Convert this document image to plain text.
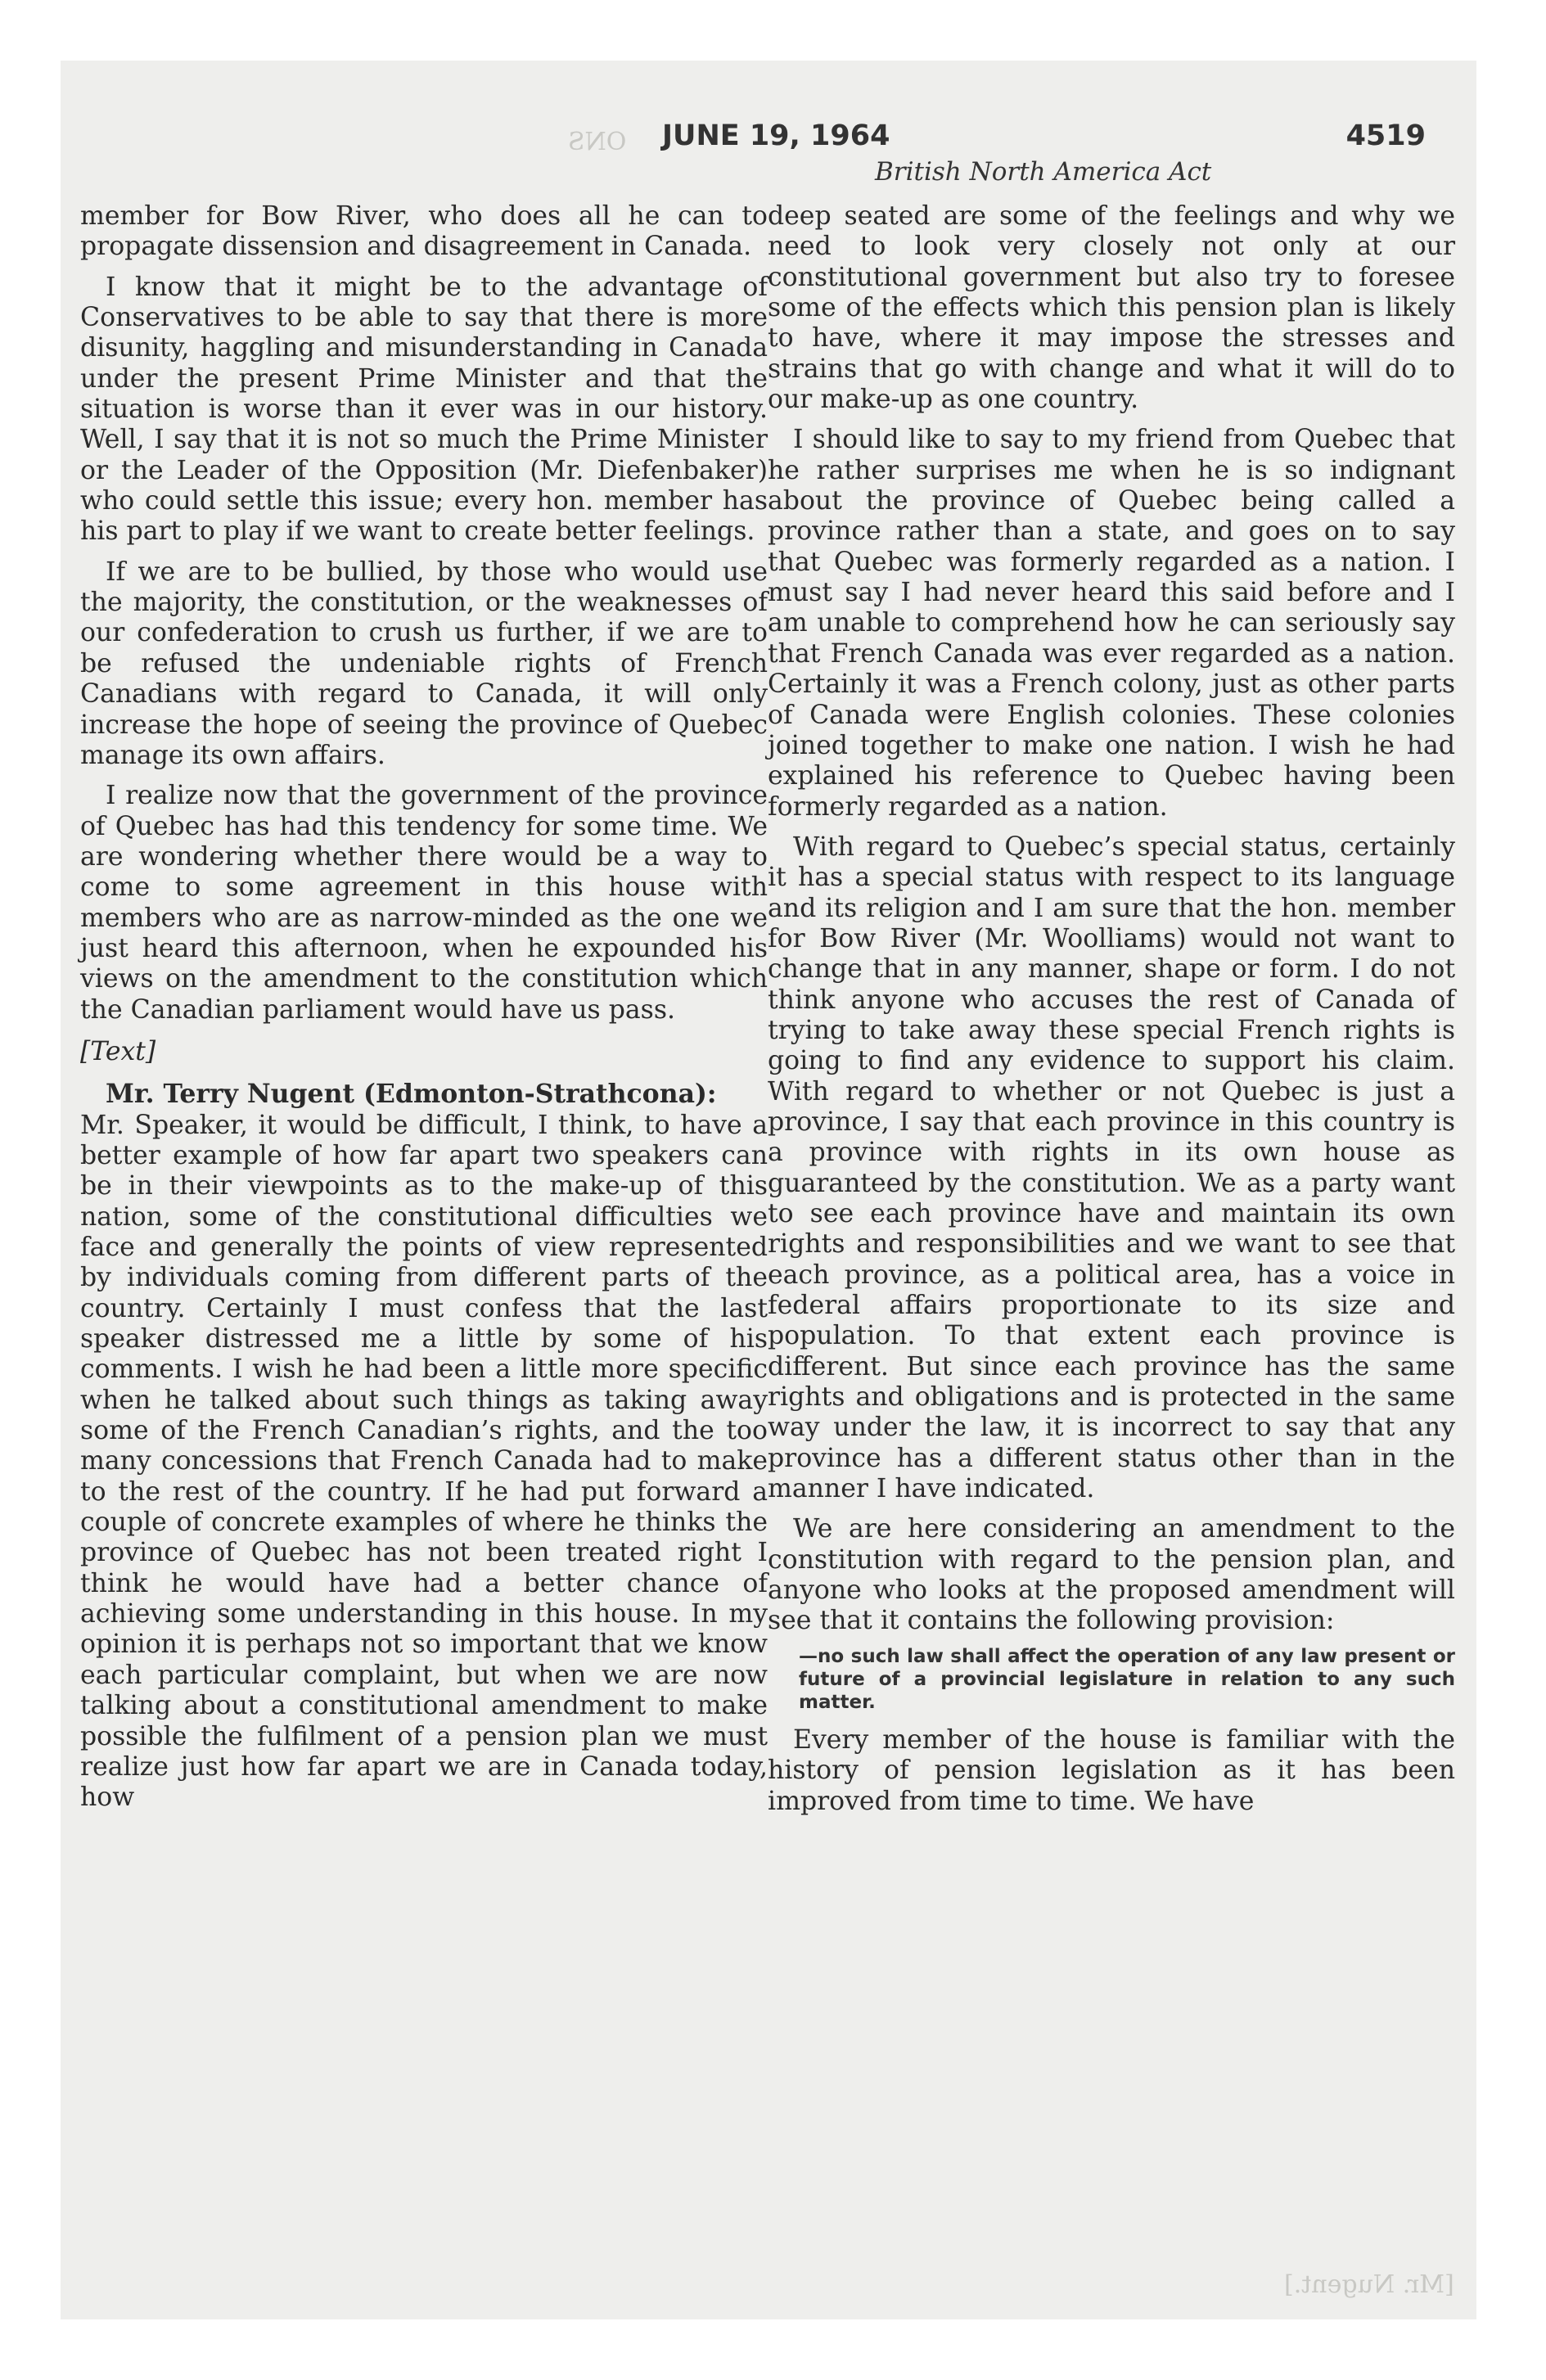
ONS
[Mr. Nugent.]
JUNE 19, 1964	4519
British North America Act

member for Bow River, who does all he can to propagate dissension and disagreement in Canada.

I know that it might be to the advantage of Conservatives to be able to say that there is more disunity, haggling and misunderstanding in Canada under the present Prime Minister and that the situation is worse than it ever was in our history. Well, I say that it is not so much the Prime Minister or the Leader of the Opposition (Mr. Diefenbaker) who could settle this issue; every hon. member has his part to play if we want to create better feelings.

If we are to be bullied, by those who would use the majority, the constitution, or the weaknesses of our confederation to crush us further, if we are to be refused the undeniable rights of French Canadians with regard to Canada, it will only increase the hope of seeing the province of Quebec manage its own affairs.

I realize now that the government of the province of Quebec has had this tendency for some time. We are wondering whether there would be a way to come to some agreement in this house with members who are as narrow-minded as the one we just heard this afternoon, when he expounded his views on the amendment to the constitution which the Canadian parliament would have us pass.

[Text]

Mr. Terry Nugent (Edmonton-Strathcona):

Mr. Speaker, it would be difficult, I think, to have a better example of how far apart two speakers can be in their viewpoints as to the make-up of this nation, some of the constitutional difficulties we face and generally the points of view represented by individuals coming from different parts of the country. Certainly I must confess that the last speaker distressed me a little by some of his comments. I wish he had been a little more specific when he talked about such things as taking away some of the French Canadian’s rights, and the too many concessions that French Canada had to make to the rest of the country. If he had put forward a couple of concrete examples of where he thinks the province of Quebec has not been treated right I think he would have had a better chance of achieving some understanding in this house. In my opinion it is perhaps not so important that we know each particular complaint, but when we are now talking about a constitutional amendment to make possible the fulfilment of a pension plan we must realize just how far apart we are in Canada today, how

deep seated are some of the feelings and why we need to look very closely not only at our constitutional government but also try to foresee some of the effects which this pension plan is likely to have, where it may impose the stresses and strains that go with change and what it will do to our make-up as one country.

I should like to say to my friend from Quebec that he rather surprises me when he is so indignant about the province of Quebec being called a province rather than a state, and goes on to say that Quebec was formerly regarded as a nation. I must say I had never heard this said before and I am unable to comprehend how he can seriously say that French Canada was ever regarded as a nation. Certainly it was a French colony, just as other parts of Canada were English colonies. These colonies joined together to make one nation. I wish he had explained his reference to Quebec having been formerly regarded as a nation.

With regard to Quebec’s special status, certainly it has a special status with respect to its language and its religion and I am sure that the hon. member for Bow River (Mr. Woolliams) would not want to change that in any manner, shape or form. I do not think anyone who accuses the rest of Canada of trying to take away these special French rights is going to find any evidence to support his claim. With regard to whether or not Quebec is just a province, I say that each province in this country is a province with rights in its own house as guaranteed by the constitution. We as a party want to see each province have and maintain its own rights and responsibilities and we want to see that each province, as a political area, has a voice in federal affairs proportionate to its size and population. To that extent each province is different. But since each province has the same rights and obligations and is protected in the same way under the law, it is incorrect to say that any province has a different status other than in the manner I have indicated.

We are here considering an amendment to the constitution with regard to the pension plan, and anyone who looks at the proposed amendment will see that it contains the following provision:

—no such law shall affect the operation of any law present or future of a provincial legislature in relation to any such matter.

Every member of the house is familiar with the history of pension legislation as it has been improved from time to time. We have
